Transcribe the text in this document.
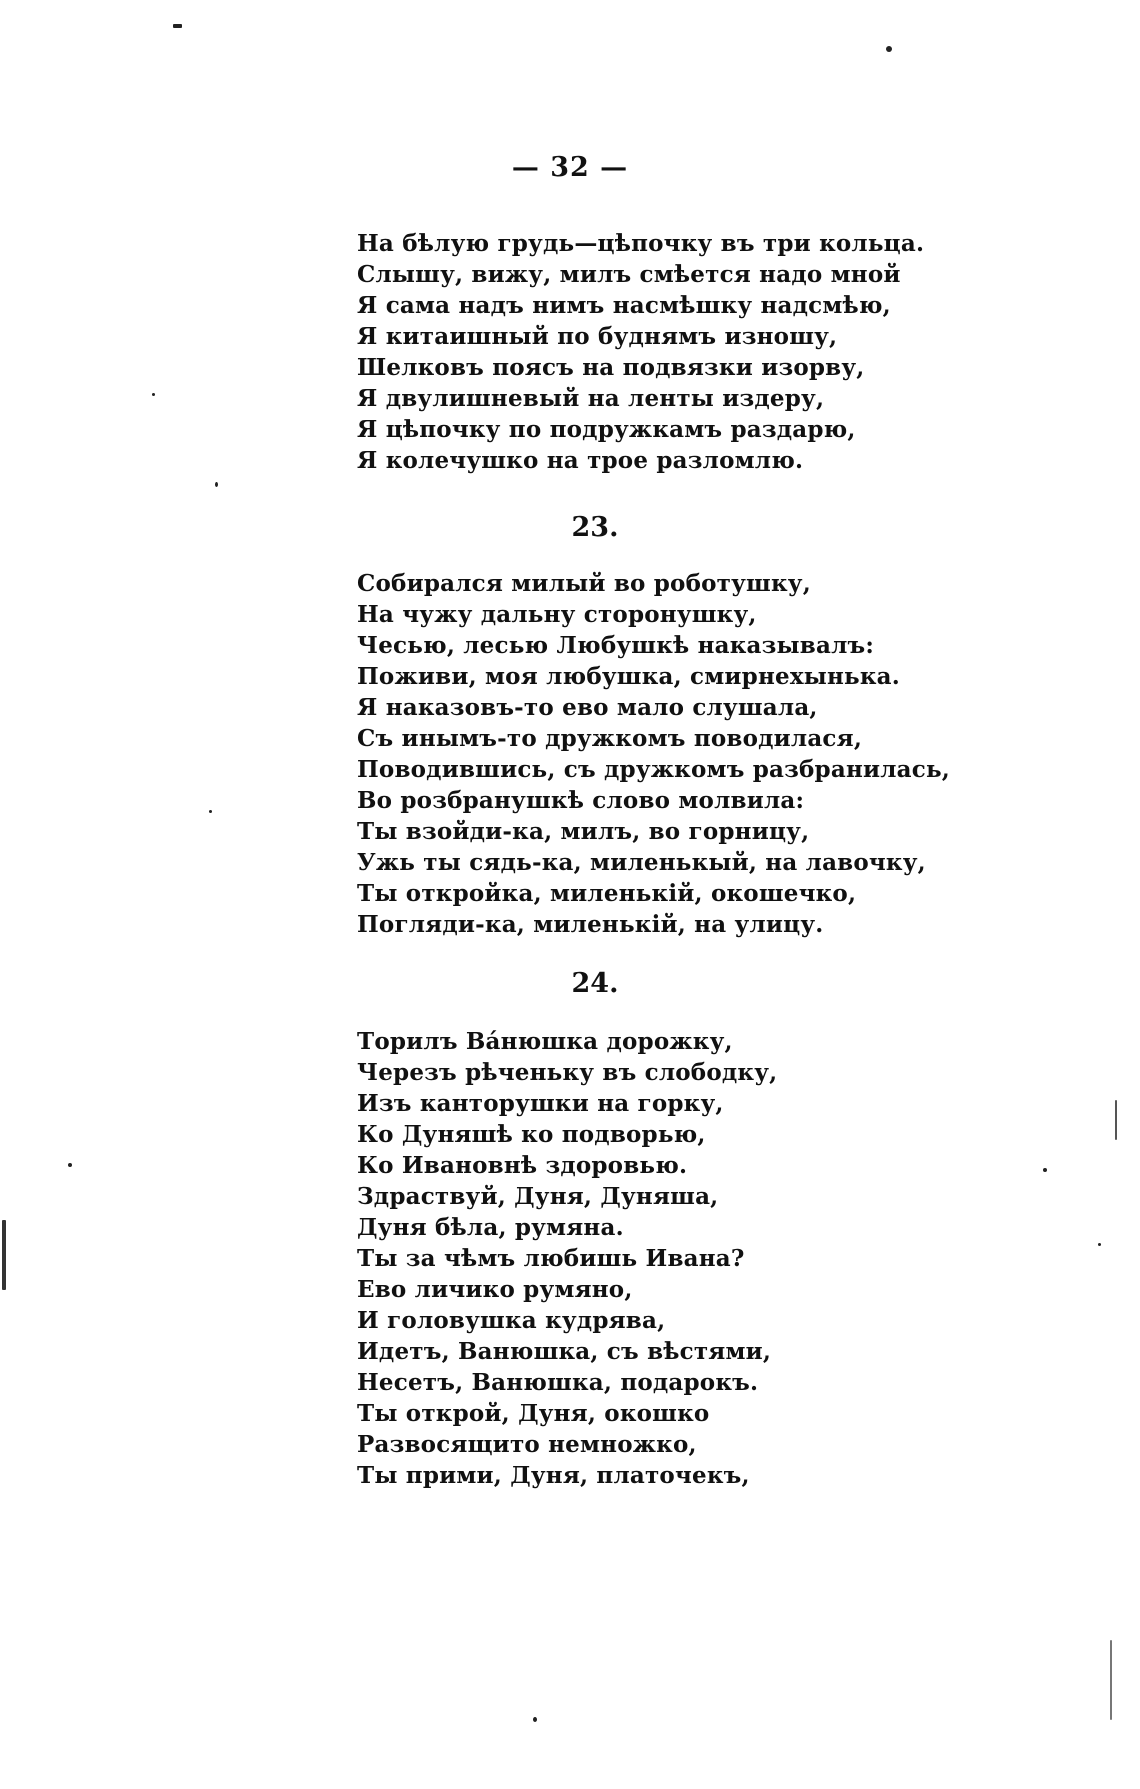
— 32 —
На бѣлую грудь—цѣпочку въ три кольца.
Слышу, вижу, милъ смѣется надо мной
Я сама надъ нимъ насмѣшку надсмѣю,
Я китаишный по буднямъ изношу,
Шелковъ поясъ на подвязки изорву,
Я двулишневый на ленты издеру,
Я цѣпочку по подружкамъ раздарю,
Я колечушко на трое разломлю.
23.
Собирался милый во роботушку,
На чужу дальну сторонушку,
Чесью, лесью Любушкѣ наказывалъ:
Поживи, моя любушка, смирнехынька.
Я наказовъ-то ево мало слушала,
Съ инымъ-то дружкомъ поводилася,
Поводившись, съ дружкомъ разбранилась,
Во розбранушкѣ слово молвила:
Ты взойди-ка, милъ, во горницу,
Ужь ты сядь-ка, миленькый, на лавочку,
Ты откройка, миленькій, окошечко,
Погляди-ка, миленькій, на улицу.
24.
Торилъ Ва́нюшка дорожку,
Черезъ рѣченьку въ слободку,
Изъ канторушки на горку,
Ко Дуняшѣ ко подворью,
Ко Ивановнѣ здоровью.
Здраствуй, Дуня, Дуняша,
Дуня бѣла, румяна.
Ты за чѣмъ любишь Ивана?
Ево личико румяно,
И головушка кудрява,
Идетъ, Ванюшка, съ вѣстями,
Несетъ, Ванюшка, подарокъ.
Ты открой, Дуня, окошко
Развосящито немножко,
Ты прими, Дуня, платочекъ,
